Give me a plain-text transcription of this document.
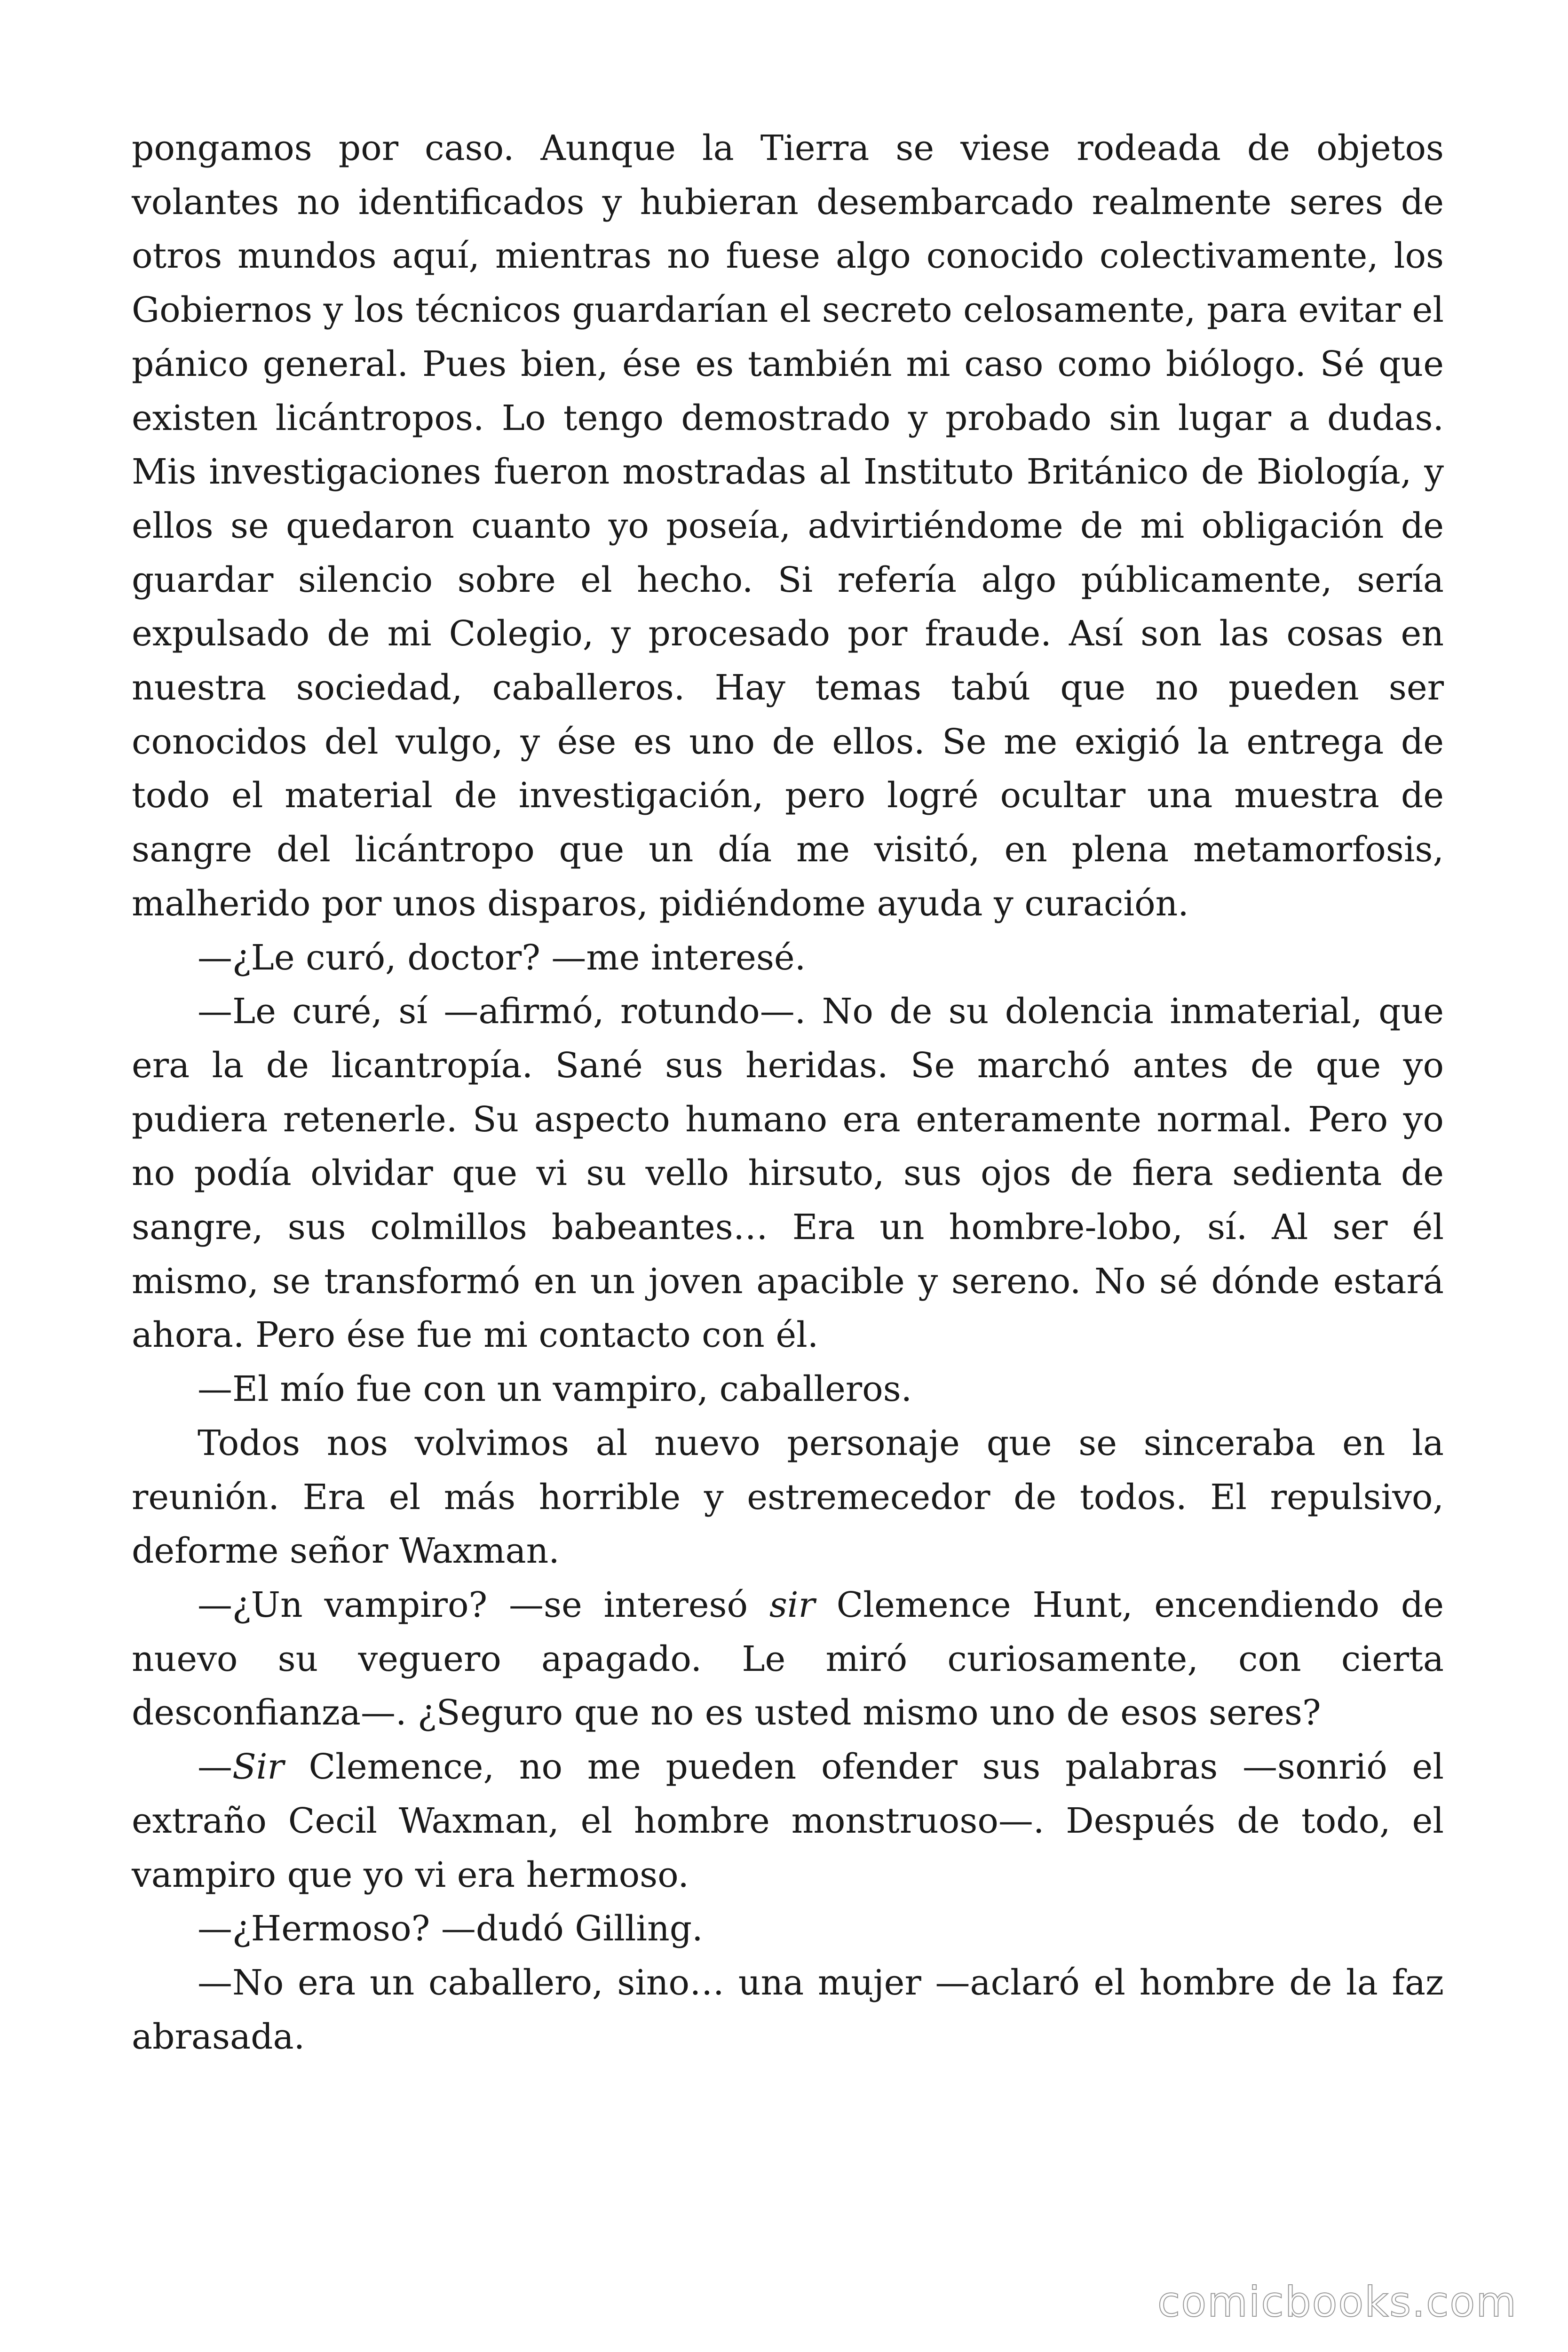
pongamos por caso. Aunque la Tierra se viese rodeada de objetos volantes no identificados y hubieran desembarcado realmente seres de otros mundos aquí, mientras no fuese algo conocido colectivamente, los Gobiernos y los técnicos guardarían el secreto celosamente, para evitar el pánico general. Pues bien, ése es también mi caso como biólogo. Sé que existen licántropos. Lo tengo demostrado y probado sin lugar a dudas. Mis investigaciones fueron mostradas al Instituto Británico de Biología, y ellos se quedaron cuanto yo poseía, advirtiéndome de mi obligación de guardar silencio sobre el hecho. Si refería algo públicamente, sería expulsado de mi Colegio, y procesado por fraude. Así son las cosas en nuestra sociedad, caballeros. Hay temas tabú que no pueden ser conocidos del vulgo, y ése es uno de ellos. Se me exigió la entrega de todo el material de investigación, pero logré ocultar una muestra de sangre del licántropo que un día me visitó, en plena metamorfosis, malherido por unos disparos, pidiéndome ayuda y curación.

—¿Le curó, doctor? —me interesé.

—Le curé, sí —afirmó, rotundo—. No de su dolencia inmaterial, que era la de licantropía. Sané sus heridas. Se marchó antes de que yo pudiera retenerle. Su aspecto humano era enteramente normal. Pero yo no podía olvidar que vi su vello hirsuto, sus ojos de fiera sedienta de sangre, sus colmillos babeantes… Era un hombre-lobo, sí. Al ser él mismo, se transformó en un joven apacible y sereno. No sé dónde estará ahora. Pero ése fue mi contacto con él.

—El mío fue con un vampiro, caballeros.

Todos nos volvimos al nuevo personaje que se sinceraba en la reunión. Era el más horrible y estremecedor de todos. El repulsivo, deforme señor Waxman.

—¿Un vampiro? —se interesó sir Clemence Hunt, encendiendo de nuevo su veguero apagado. Le miró curiosamente, con cierta desconfianza—. ¿Seguro que no es usted mismo uno de esos seres?

—Sir Clemence, no me pueden ofender sus palabras —sonrió el extraño Cecil Waxman, el hombre monstruoso—. Después de todo, el vampiro que yo vi era hermoso.

—¿Hermoso? —dudó Gilling.

—No era un caballero, sino… una mujer —aclaró el hombre de la faz abrasada.

comicbooks.com
